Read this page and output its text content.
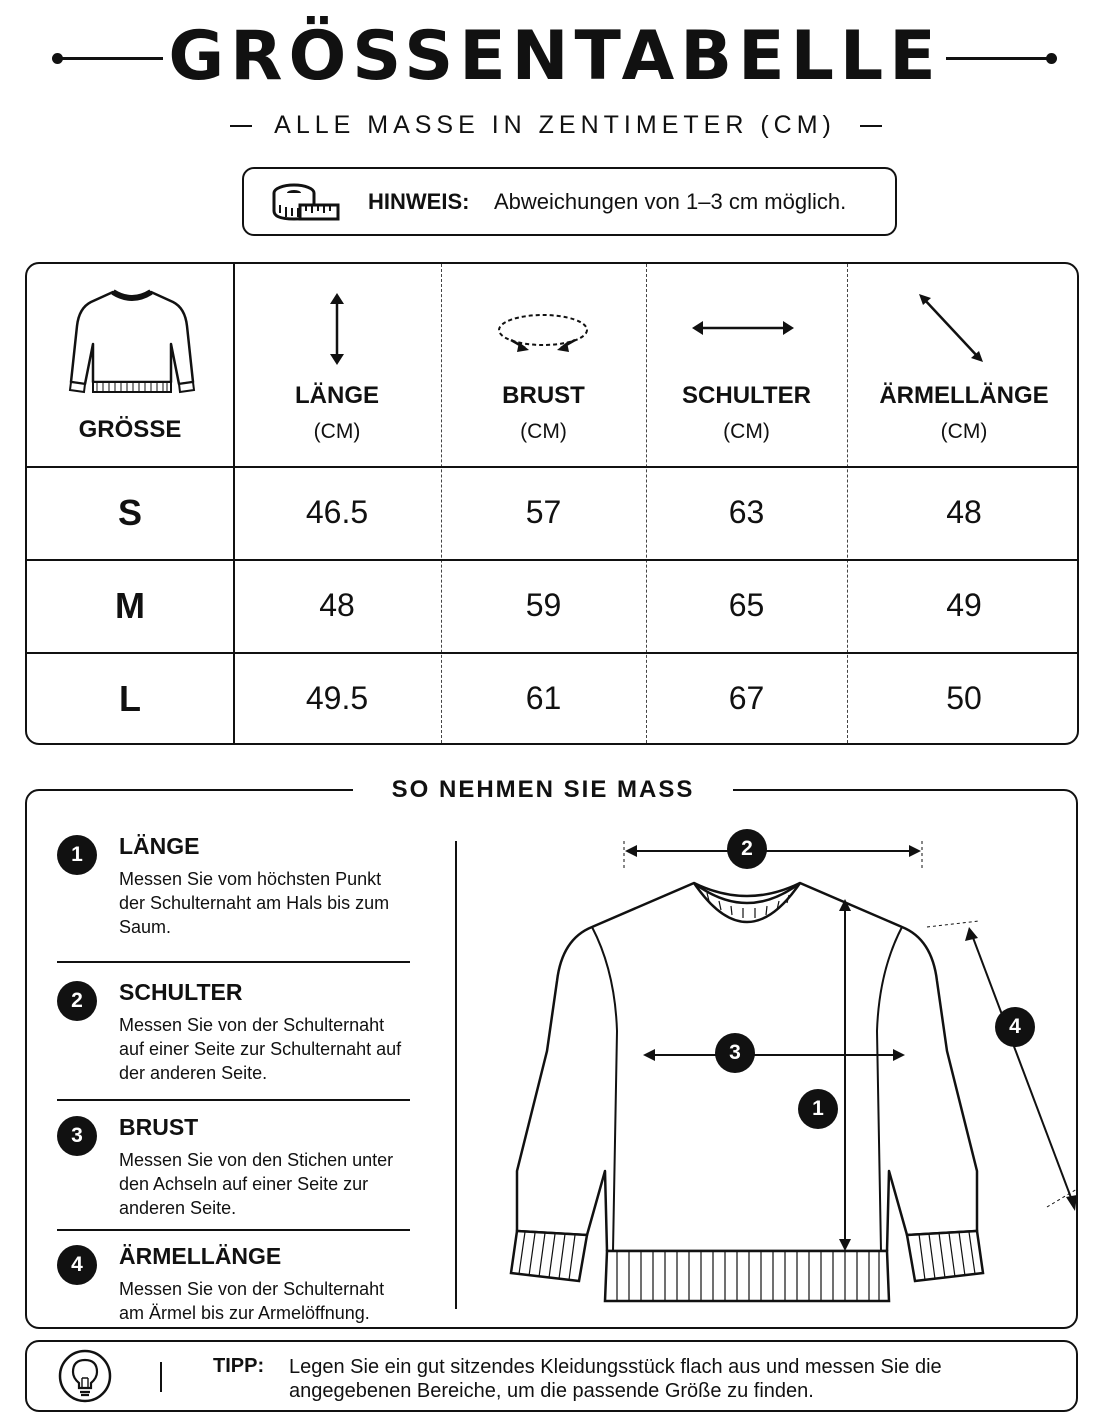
GRÖSSENTABELLE
ALLE MASSE IN ZENTIMETER (CM)
HINWEIS: Abweichungen von 1–3 cm möglich.
GRÖSSE
LÄNGE
(CM)
BRUST
(CM)
SCHULTER
(CM)
ÄRMELLÄNGE
(CM)
S	46.5	57	63	48
M	48	59	65	49
L	49.5	61	67	50
SO NEHMEN SIE MASS
1	LÄNGE
Messen Sie vom höchsten Punkt der Schulternaht am Hals bis zum Saum.
2	SCHULTER
Messen Sie von der Schulternaht auf einer Seite zur Schulternaht auf der anderen Seite.
3	BRUST
Messen Sie von den Stichen unter den Achseln auf einer Seite zur anderen Seite.
4	ÄRMELLÄNGE
Messen Sie von der Schulternaht am Ärmel bis zur Armelöffnung.
2
3
1
4
TIPP: Legen Sie ein gut sitzendes Kleidungsstück flach aus und messen Sie die angegebenen Bereiche, um die passende Größe zu finden.
